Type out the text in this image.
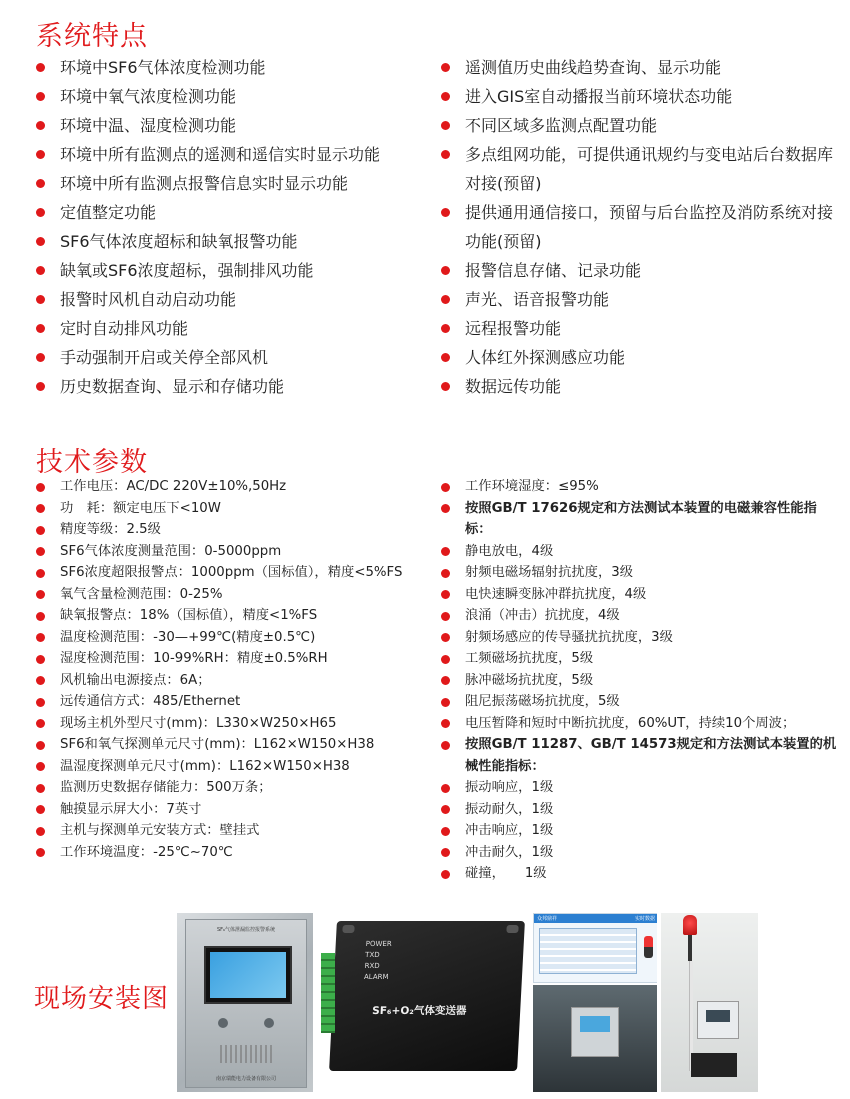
系统特点
环境中SF6气体浓度检测功能
环境中氧气浓度检测功能
环境中温、湿度检测功能
环境中所有监测点的遥测和遥信实时显示功能
环境中所有监测点报警信息实时显示功能
定值整定功能
SF6气体浓度超标和缺氧报警功能
缺氧或SF6浓度超标，强制排风功能
报警时风机自动启动功能
定时自动排风功能
手动强制开启或关停全部风机
历史数据查询、显示和存储功能
遥测值历史曲线趋势查询、显示功能
进入GIS室自动播报当前环境状态功能
不同区域多监测点配置功能
多点组网功能，可提供通讯规约与变电站后台数据库对接(预留)
提供通用通信接口，预留与后台监控及消防系统对接功能(预留)
报警信息存储、记录功能
声光、语音报警功能
远程报警功能
人体红外探测感应功能
数据远传功能
技术参数
工作电压：AC/DC 220V±10%,50Hz
功　耗：额定电压下<10W
精度等级：2.5级
SF6气体浓度测量范围：0-5000ppm
SF6浓度超限报警点：1000ppm（国标值），精度<5%FS
氧气含量检测范围：0-25%
缺氧报警点：18%（国标值），精度<1%FS
温度检测范围：-30—+99℃(精度±0.5℃)
湿度检测范围：10-99%RH：精度±0.5%RH
风机输出电源接点：6A；
远传通信方式：485/Ethernet
现场主机外型尺寸(mm)：L330×W250×H65
SF6和氧气探测单元尺寸(mm)：L162×W150×H38
温湿度探测单元尺寸(mm)：L162×W150×H38
监测历史数据存储能力：500万条；
触摸显示屏大小：7英寸
主机与探测单元安装方式：壁挂式
工作环境温度：-25℃~70℃
工作环境湿度：≤95%
按照GB/T 17626规定和方法测试本装置的电磁兼容性能指标：
静电放电，4级
射频电磁场辐射抗扰度，3级
电快速瞬变脉冲群抗扰度，4级
浪涌（冲击）抗扰度，4级
射频场感应的传导骚扰抗扰度，3级
工频磁场抗扰度，5级
脉冲磁场抗扰度，5级
阻尼振荡磁场抗扰度，5级
电压暂降和短时中断抗扰度，60%UT，持续10个周波；
按照GB/T 11287、GB/T 14573规定和方法测试本装置的机械性能指标：
振动响应，1级
振动耐久，1级
冲击响应，1级
冲击耐久，1级
碰撞，　　1级
现场安装图
SF₆气体泄漏监控报警系统
南京瑞能电力设备有限公司
POWER
TXD
RXD
ALARM
SF₆+O₂气体变送器
众邦鼎祥	实时数据
